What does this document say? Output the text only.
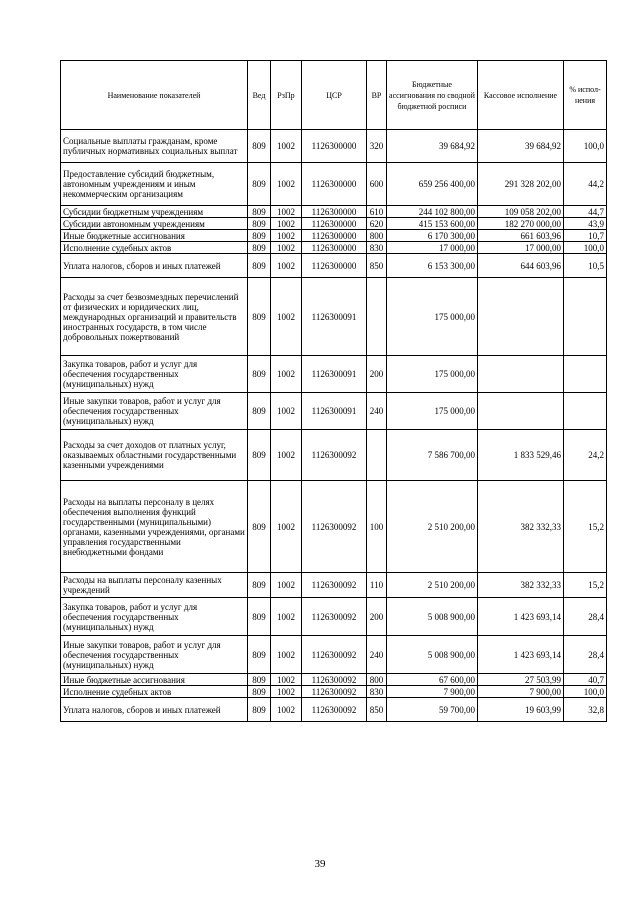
Наименование показателей	Вед	РзПр	ЦСР	ВР	Бюджетные ассигнования по сводной бюджетной росписи	Кассовое исполнение	% испол-нения
Социальные выплаты гражданам, кроме публичных нормативных социальных выплат	809	1002	1126300000	320	39 684,92	39 684,92	100,0
Предоставление субсидий бюджетным, автономным учреждениям и иным некоммерческим организациям	809	1002	1126300000	600	659 256 400,00	291 328 202,00	44,2
Субсидии бюджетным учреждениям	809	1002	1126300000	610	244 102 800,00	109 058 202,00	44,7
Субсидии автономным учреждениям	809	1002	1126300000	620	415 153 600,00	182 270 000,00	43,9
Иные бюджетные ассигнования	809	1002	1126300000	800	6 170 300,00	661 603,96	10,7
Исполнение судебных актов	809	1002	1126300000	830	17 000,00	17 000,00	100,0
Уплата налогов, сборов и иных платежей	809	1002	1126300000	850	6 153 300,00	644 603,96	10,5
Расходы за счет безвозмездных перечислений от физических и юридических лиц, международных организаций и правительств иностранных государств, в том числе добровольных пожертвований	809	1002	1126300091		175 000,00		
Закупка товаров, работ и услуг для обеспечения государственных (муниципальных) нужд	809	1002	1126300091	200	175 000,00		
Иные закупки товаров, работ и услуг для обеспечения государственных (муниципальных) нужд	809	1002	1126300091	240	175 000,00		
Расходы за счет доходов от платных услуг, оказываемых областными государственными казенными учреждениями	809	1002	1126300092		7 586 700,00	1 833 529,46	24,2
Расходы на выплаты персоналу в целях обеспечения выполнения функций государственными (муниципальными) органами, казенными учреждениями, органами управления государственными внебюджетными фондами	809	1002	1126300092	100	2 510 200,00	382 332,33	15,2
Расходы на выплаты персоналу казенных учреждений	809	1002	1126300092	110	2 510 200,00	382 332,33	15,2
Закупка товаров, работ и услуг для обеспечения государственных (муниципальных) нужд	809	1002	1126300092	200	5 008 900,00	1 423 693,14	28,4
Иные закупки товаров, работ и услуг для обеспечения государственных (муниципальных) нужд	809	1002	1126300092	240	5 008 900,00	1 423 693,14	28,4
Иные бюджетные ассигнования	809	1002	1126300092	800	67 600,00	27 503,99	40,7
Исполнение судебных актов	809	1002	1126300092	830	7 900,00	7 900,00	100,0
Уплата налогов, сборов и иных платежей	809	1002	1126300092	850	59 700,00	19 603,99	32,8
39
